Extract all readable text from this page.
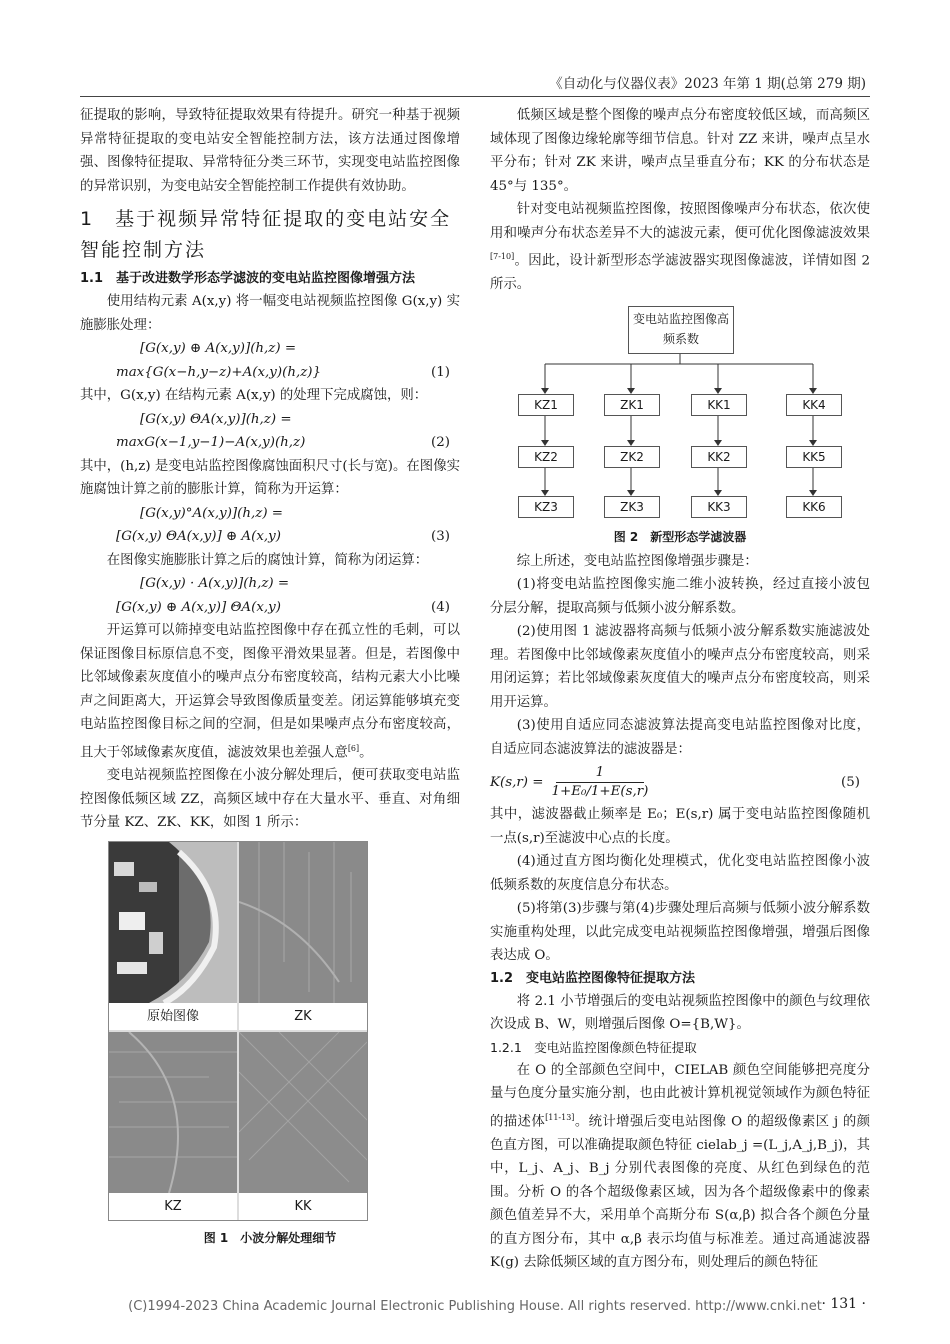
《自动化与仪器仪表》2023 年第 1 期(总第 279 期)

征提取的影响，导致特征提取效果有待提升。研究一种基于视频异常特征提取的变电站安全智能控制方法，该方法通过图像增强、图像特征提取、异常特征分类三环节，实现变电站监控图像的异常识别，为变电站安全智能控制工作提供有效协助。

1　基于视频异常特征提取的变电站安全智能控制方法
1.1　基于改进数学形态学滤波的变电站监控图像增强方法

使用结构元素 A(x,y) 将一幅变电站视频监控图像 G(x,y) 实施膨胀处理：

[G(x,y) ⊕ A(x,y)](h,z) =
max{G(x−h,y−z)+A(x,y)(h,z)}	(1)

其中，G(x,y) 在结构元素 A(x,y) 的处理下完成腐蚀，则：

[G(x,y) ΘA(x,y)](h,z) =
maxG(x−1,y−1)−A(x,y)(h,z)	(2)

其中，(h,z) 是变电站监控图像腐蚀面积尺寸(长与宽)。在图像实施腐蚀计算之前的膨胀计算，简称为开运算：

[G(x,y)°A(x,y)](h,z) =
[G(x,y) ΘA(x,y)] ⊕ A(x,y)	(3)

在图像实施膨胀计算之后的腐蚀计算，简称为闭运算：

[G(x,y) · A(x,y)](h,z) =
[G(x,y) ⊕ A(x,y)] ΘA(x,y)	(4)

开运算可以筛掉变电站监控图像中存在孤立性的毛刺，可以保证图像目标原信息不变，图像平滑效果显著。但是，若图像中比邻域像素灰度值小的噪声点分布密度较高，结构元素大小比噪声之间距离大，开运算会导致图像质量变差。闭运算能够填充变电站监控图像目标之间的空洞，但是如果噪声点分布密度较高，且大于邻域像素灰度值，滤波效果也差强人意[6]。

变电站视频监控图像在小波分解处理后，便可获取变电站监控图像低频区域 ZZ，高频区域中存在大量水平、垂直、对角细节分量 KZ、ZK、KK，如图 1 所示：

原始图像	ZK
KZ	KK
图 1　小波分解处理细节

低频区域是整个图像的噪声点分布密度较低区域，而高频区域体现了图像边缘轮廓等细节信息。针对 ZZ 来讲，噪声点呈水平分布；针对 ZK 来讲，噪声点呈垂直分布；KK 的分布状态是 45°与 135°。

针对变电站视频监控图像，按照图像噪声分布状态，依次使用和噪声分布状态差异不大的滤波元素，便可优化图像滤波效果[7-10]。因此，设计新型形态学滤波器实现图像滤波，详情如图 2 所示。

变电站监控图像高频系数
KZ1	ZK1	KK1	KK4
KZ2	ZK2	KK2	KK5
KZ3	ZK3	KK3	KK6
图 2　新型形态学滤波器

综上所述，变电站监控图像增强步骤是：

(1)将变电站监控图像实施二维小波转换，经过直接小波包分层分解，提取高频与低频小波分解系数。

(2)使用图 1 滤波器将高频与低频小波分解系数实施滤波处理。若图像中比邻域像素灰度值小的噪声点分布密度较高，则采用闭运算；若比邻域像素灰度值大的噪声点分布密度较高，则采用开运算。

(3)使用自适应同态滤波算法提高变电站监控图像对比度，自适应同态滤波算法的滤波器是：

$K(s,r) = \frac{1}{\text{1+E₀/1+E(s,r)}}$	(5)

其中，滤波器截止频率是 E₀；E(s,r) 属于变电站监控图像随机一点(s,r)至滤波中心点的长度。

(4)通过直方图均衡化处理模式，优化变电站监控图像小波低频系数的灰度信息分布状态。

(5)将第(3)步骤与第(4)步骤处理后高频与低频小波分解系数实施重构处理，以此完成变电站视频监控图像增强，增强后图像表达成 O。

1.2　变电站监控图像特征提取方法

将 2.1 小节增强后的变电站视频监控图像中的颜色与纹理依次设成 B、W，则增强后图像 O={B,W}。

1.2.1　变电站监控图像颜色特征提取

在 O 的全部颜色空间中，CIELAB 颜色空间能够把亮度分量与色度分量实施分割，也由此被计算机视觉领域作为颜色特征的描述体[11-13]。统计增强后变电站图像 O 的超级像素区 j 的颜色直方图，可以准确提取颜色特征 cielab_j =(L_j,A_j,B_j)，其中，L_j、A_j、B_j 分别代表图像的亮度、从红色到绿色的范围。分析 O 的各个超级像素区域，因为各个超级像素中的像素颜色值差异不大，采用单个高斯分布 S(α,β) 拟合各个颜色分量的直方图分布，其中 α,β 表示均值与标准差。通过高通滤波器 K(g) 去除低频区域的直方图分布，则处理后的颜色特征

· 131 ·
(C)1994-2023 China Academic Journal Electronic Publishing House. All rights reserved. http://www.cnki.net
